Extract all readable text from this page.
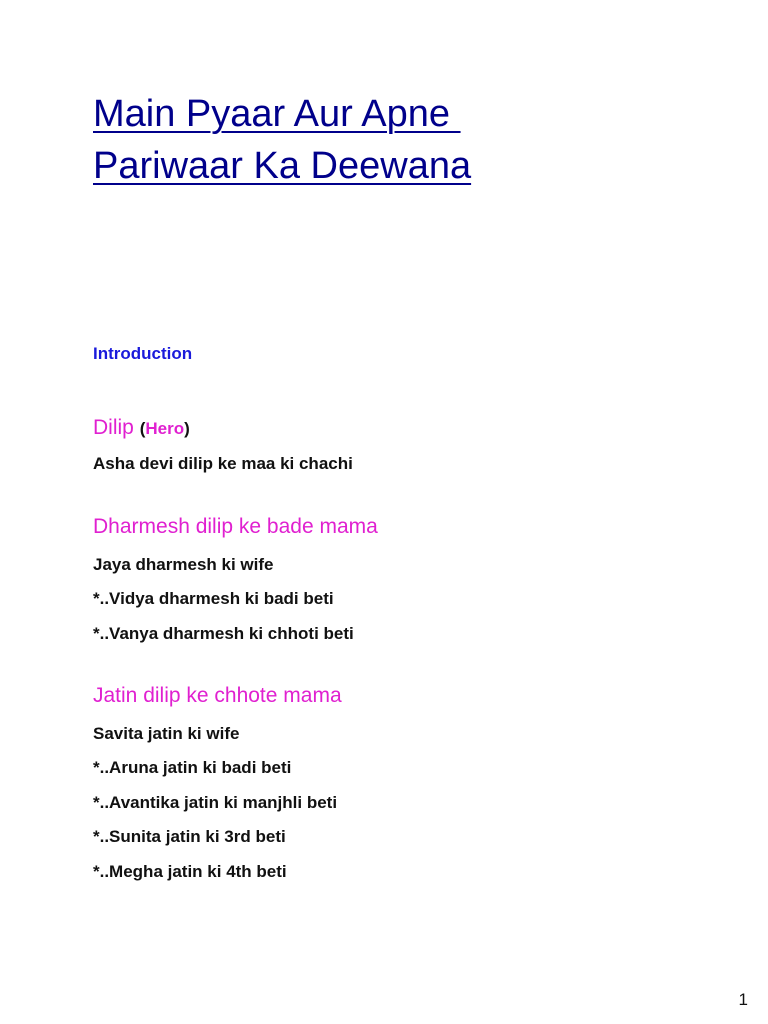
Main Pyaar Aur Apne
Pariwaar Ka Deewana

Introduction

Dilip (Hero)

Asha devi dilip ke maa ki chachi

Dharmesh dilip ke bade mama

Jaya dharmesh ki wife

*..Vidya dharmesh ki badi beti

*..Vanya dharmesh ki chhoti beti

Jatin dilip ke chhote mama

Savita jatin ki wife

*..Aruna jatin ki badi beti

*..Avantika jatin ki manjhli beti

*..Sunita jatin ki 3rd beti

*..Megha jatin ki 4th beti

1
